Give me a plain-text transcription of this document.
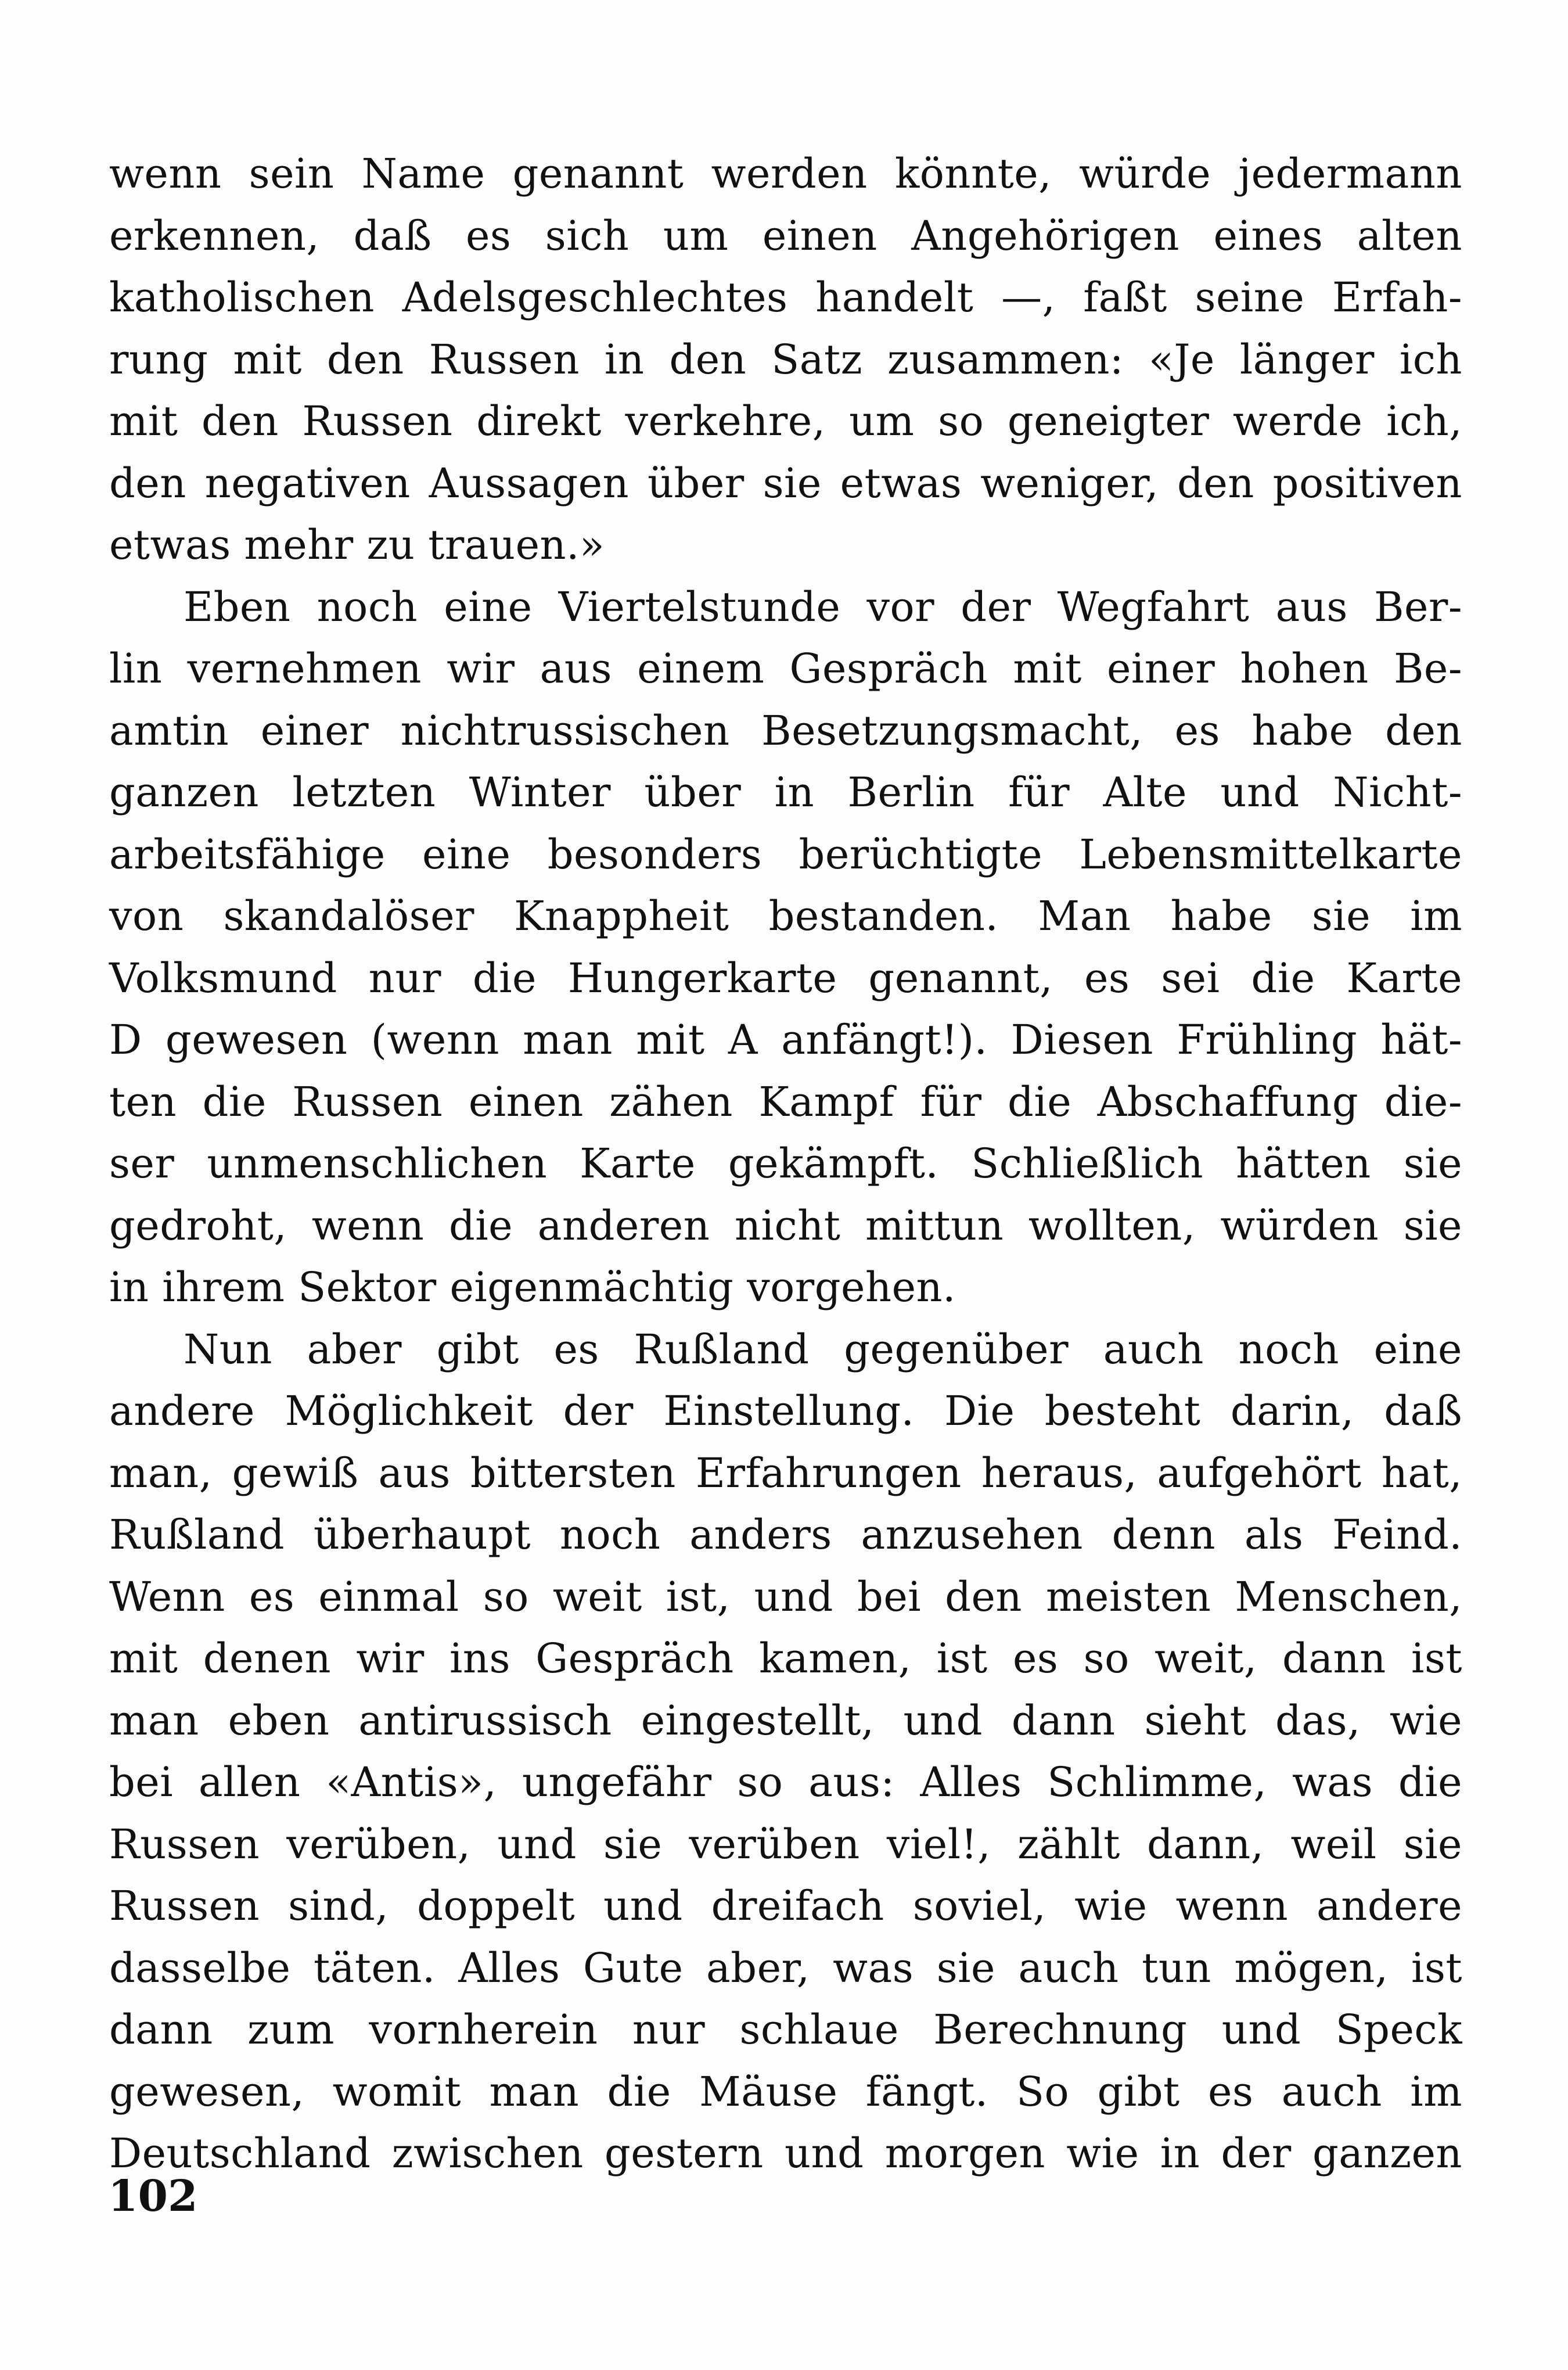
wenn sein Name genannt werden könnte, würde jedermann
erkennen, daß es sich um einen Angehörigen eines alten
katholischen Adelsgeschlechtes handelt —, faßt seine Erfah-
rung mit den Russen in den Satz zusammen: «Je länger ich
mit den Russen direkt verkehre, um so geneigter werde ich,
den negativen Aussagen über sie etwas weniger, den positiven
etwas mehr zu trauen.»
Eben noch eine Viertelstunde vor der Wegfahrt aus Ber-
lin vernehmen wir aus einem Gespräch mit einer hohen Be-
amtin einer nichtrussischen Besetzungsmacht, es habe den
ganzen letzten Winter über in Berlin für Alte und Nicht-
arbeitsfähige eine besonders berüchtigte Lebensmittelkarte
von skandalöser Knappheit bestanden. Man habe sie im
Volksmund nur die Hungerkarte genannt, es sei die Karte
D gewesen (wenn man mit A anfängt!). Diesen Frühling hät-
ten die Russen einen zähen Kampf für die Abschaffung die-
ser unmenschlichen Karte gekämpft. Schließlich hätten sie
gedroht, wenn die anderen nicht mittun wollten, würden sie
in ihrem Sektor eigenmächtig vorgehen.
Nun aber gibt es Rußland gegenüber auch noch eine
andere Möglichkeit der Einstellung. Die besteht darin, daß
man, gewiß aus bittersten Erfahrungen heraus, aufgehört hat,
Rußland überhaupt noch anders anzusehen denn als Feind.
Wenn es einmal so weit ist, und bei den meisten Menschen,
mit denen wir ins Gespräch kamen, ist es so weit, dann ist
man eben antirussisch eingestellt, und dann sieht das, wie
bei allen «Antis», ungefähr so aus: Alles Schlimme, was die
Russen verüben, und sie verüben viel!, zählt dann, weil sie
Russen sind, doppelt und dreifach soviel, wie wenn andere
dasselbe täten. Alles Gute aber, was sie auch tun mögen, ist
dann zum vornherein nur schlaue Berechnung und Speck
gewesen, womit man die Mäuse fängt. So gibt es auch im
Deutschland zwischen gestern und morgen wie in der ganzen
102
